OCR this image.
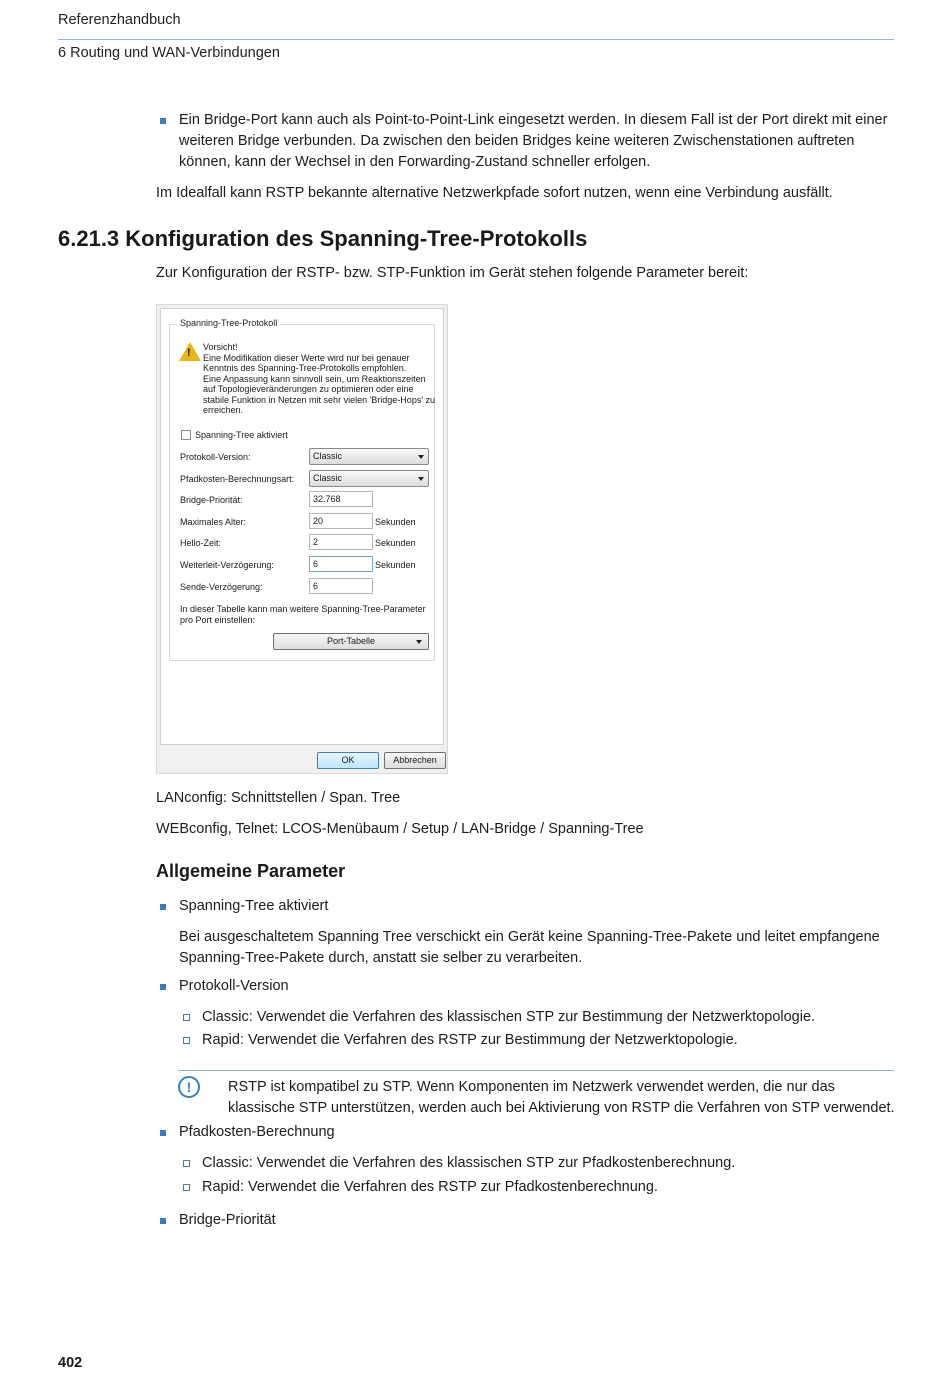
Referenzhandbuch
6 Routing und WAN-Verbindungen
Ein Bridge-Port kann auch als Point-to-Point-Link eingesetzt werden. In diesem Fall ist der Port direkt mit einer weiteren Bridge verbunden. Da zwischen den beiden Bridges keine weiteren Zwischenstationen auftreten können, kann der Wechsel in den Forwarding-Zustand schneller erfolgen.
Im Idealfall kann RSTP bekannte alternative Netzwerkpfade sofort nutzen, wenn eine Verbindung ausfällt.
6.21.3 Konfiguration des Spanning-Tree-Protokolls
Zur Konfiguration der RSTP- bzw. STP-Funktion im Gerät stehen folgende Parameter bereit:
Spanning-Tree-Protokoll
! Vorsicht!
Eine Modifikation dieser Werte wird nur bei genauer
Kenntnis des Spanning-Tree-Protokolls empfohlen.
Eine Anpassung kann sinnvoll sein, um Reaktionszeiten
auf Topologieveränderungen zu optimieren oder eine
stabile Funktion in Netzen mit sehr vielen 'Bridge-Hops' zu
erreichen.
Spanning-Tree aktiviert
Protokoll-Version:	Classic
Pfadkosten-Berechnungsart:	Classic
Bridge-Priorität:	32.768
Maximales Alter:	20	Sekunden
Hello-Zeit:	2	Sekunden
Weiterleit-Verzögerung:	6	Sekunden
Sende-Verzögerung:	6
In dieser Tabelle kann man weitere Spanning-Tree-Parameter
pro Port einstellen:
Port-Tabelle
OK	Abbrechen
LANconfig: Schnittstellen / Span. Tree
WEBconfig, Telnet: LCOS-Menübaum / Setup / LAN-Bridge / Spanning-Tree
Allgemeine Parameter
Spanning-Tree aktiviert
Bei ausgeschaltetem Spanning Tree verschickt ein Gerät keine Spanning-Tree-Pakete und leitet empfangene Spanning-Tree-Pakete durch, anstatt sie selber zu verarbeiten.
Protokoll-Version
Classic: Verwendet die Verfahren des klassischen STP zur Bestimmung der Netzwerktopologie.
Rapid: Verwendet die Verfahren des RSTP zur Bestimmung der Netzwerktopologie.
!	RSTP ist kompatibel zu STP. Wenn Komponenten im Netzwerk verwendet werden, die nur das klassische STP unterstützen, werden auch bei Aktivierung von RSTP die Verfahren von STP verwendet.
Pfadkosten-Berechnung
Classic: Verwendet die Verfahren des klassischen STP zur Pfadkostenberechnung.
Rapid: Verwendet die Verfahren des RSTP zur Pfadkostenberechnung.
Bridge-Priorität
402
